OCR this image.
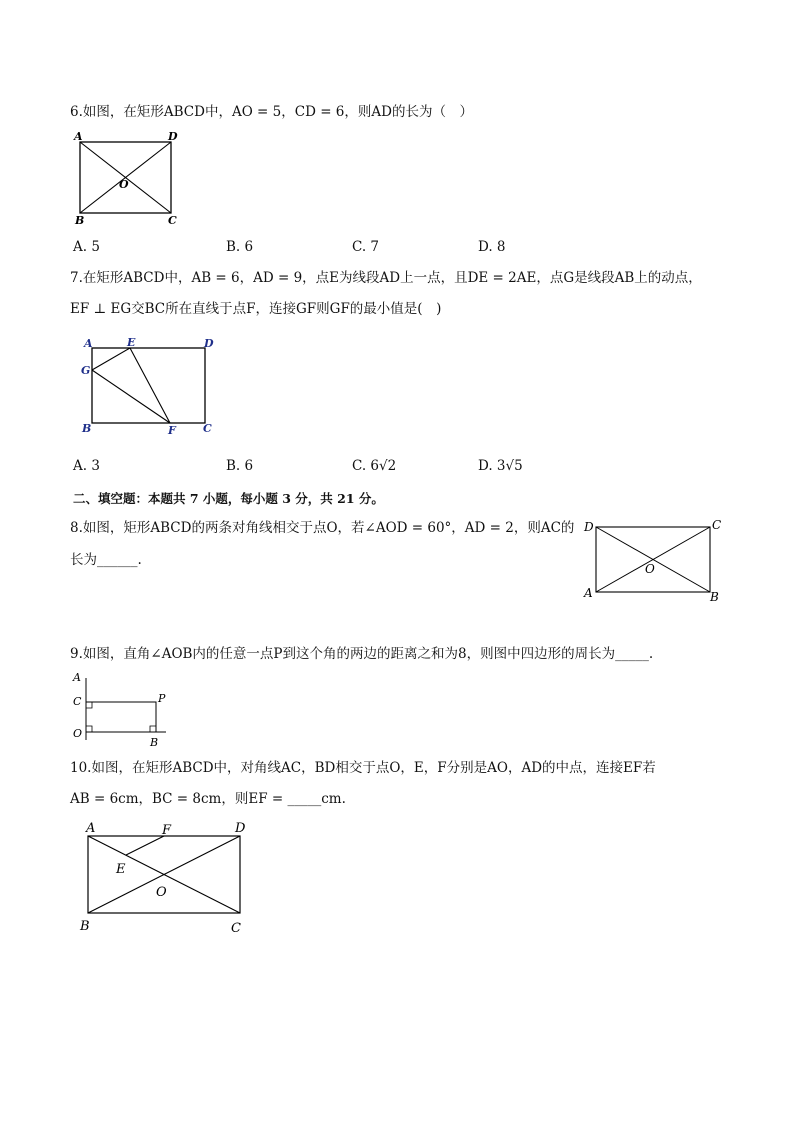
6.如图，在矩形ABCD中，AO = 5，CD = 6，则AD的长为（　）
A	D
O
B	C
A. 5	B. 6	C. 7	D. 8
7.在矩形ABCD中，AB = 6，AD = 9，点E为线段AD上一点，且DE = 2AE，点G是线段AB上的动点，
EF ⊥ EG交BC所在直线于点F，连接GF则GF的最小值是(　)
A	E	D
G
B	F C
A. 3	B. 6	C. 6√2	D. 3√5
二、填空题：本题共 7 小题，每小题 3 分，共 21 分。
8.如图，矩形ABCD的两条对角线相交于点O，若∠AOD = 60°，AD = 2，则AC的
长为______.
D	C
O
A	B
9.如图，直角∠AOB内的任意一点P到这个角的两边的距离之和为8，则图中四边形的周长为_____.
A
C	P
O
B
10.如图，在矩形ABCD中，对角线AC，BD相交于点O，E，F分别是AO，AD的中点，连接EF若
AB = 6cm，BC = 8cm，则EF = _____cm.
A	F	D
E
O
B	C
